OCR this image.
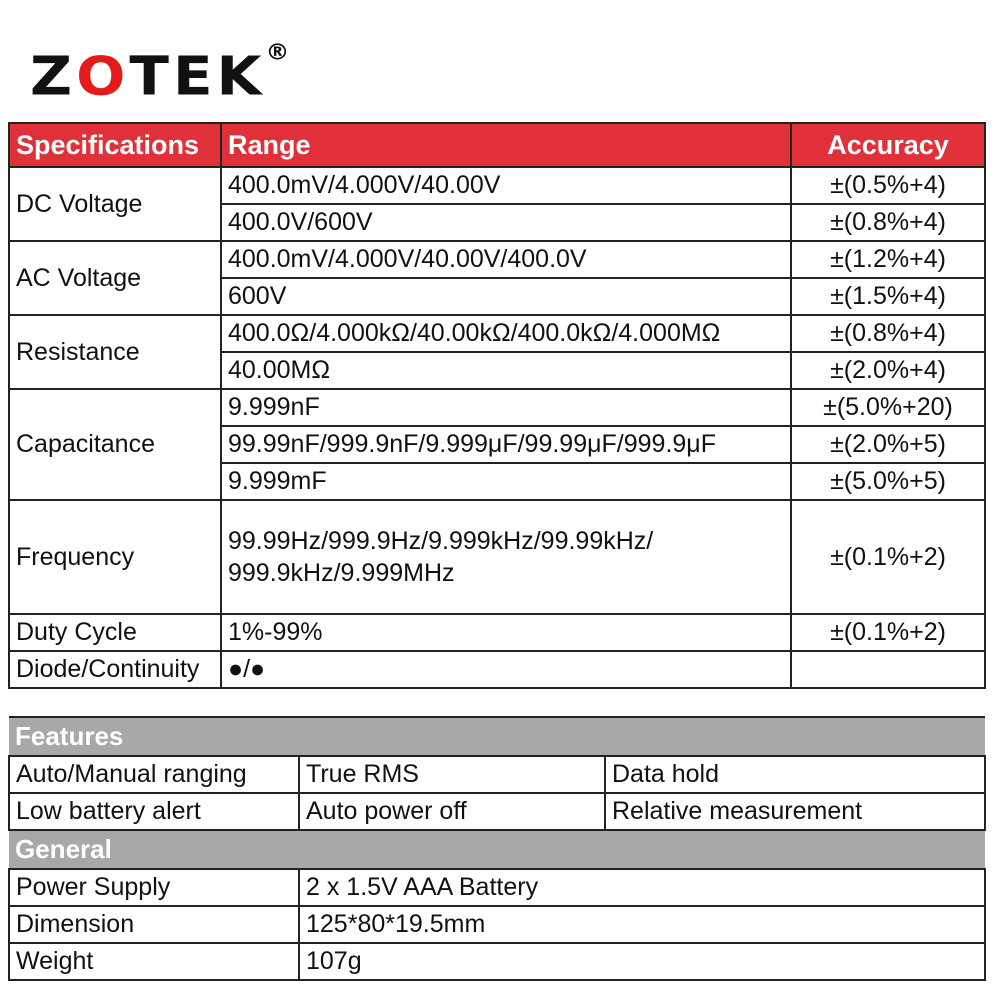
ZOTEK®
Specifications	Range	Accuracy
DC Voltage	400.0mV/4.000V/40.00V	±(0.5%+4)
	400.0V/600V	±(0.8%+4)
AC Voltage	400.0mV/4.000V/40.00V/400.0V	±(1.2%+4)
	600V	±(1.5%+4)
Resistance	400.0Ω/4.000kΩ/40.00kΩ/400.0kΩ/4.000MΩ	±(0.8%+4)
	40.00MΩ	±(2.0%+4)
Capacitance	9.999nF	±(5.0%+20)
	99.99nF/999.9nF/9.999μF/99.99μF/999.9μF	±(2.0%+5)
	9.999mF	±(5.0%+5)
Frequency	99.99Hz/999.9Hz/9.999kHz/99.99kHz/ 999.9kHz/9.999MHz	±(0.1%+2)
Duty Cycle	1%-99%	±(0.1%+2)
Diode/Continuity	●/●	
Features		
Auto/Manual ranging	True RMS	Data hold
Low battery alert	Auto power off	Relative measurement
General		
Power Supply	2 x 1.5V AAA Battery	
Dimension	125*80*19.5mm	
Weight	107g	
